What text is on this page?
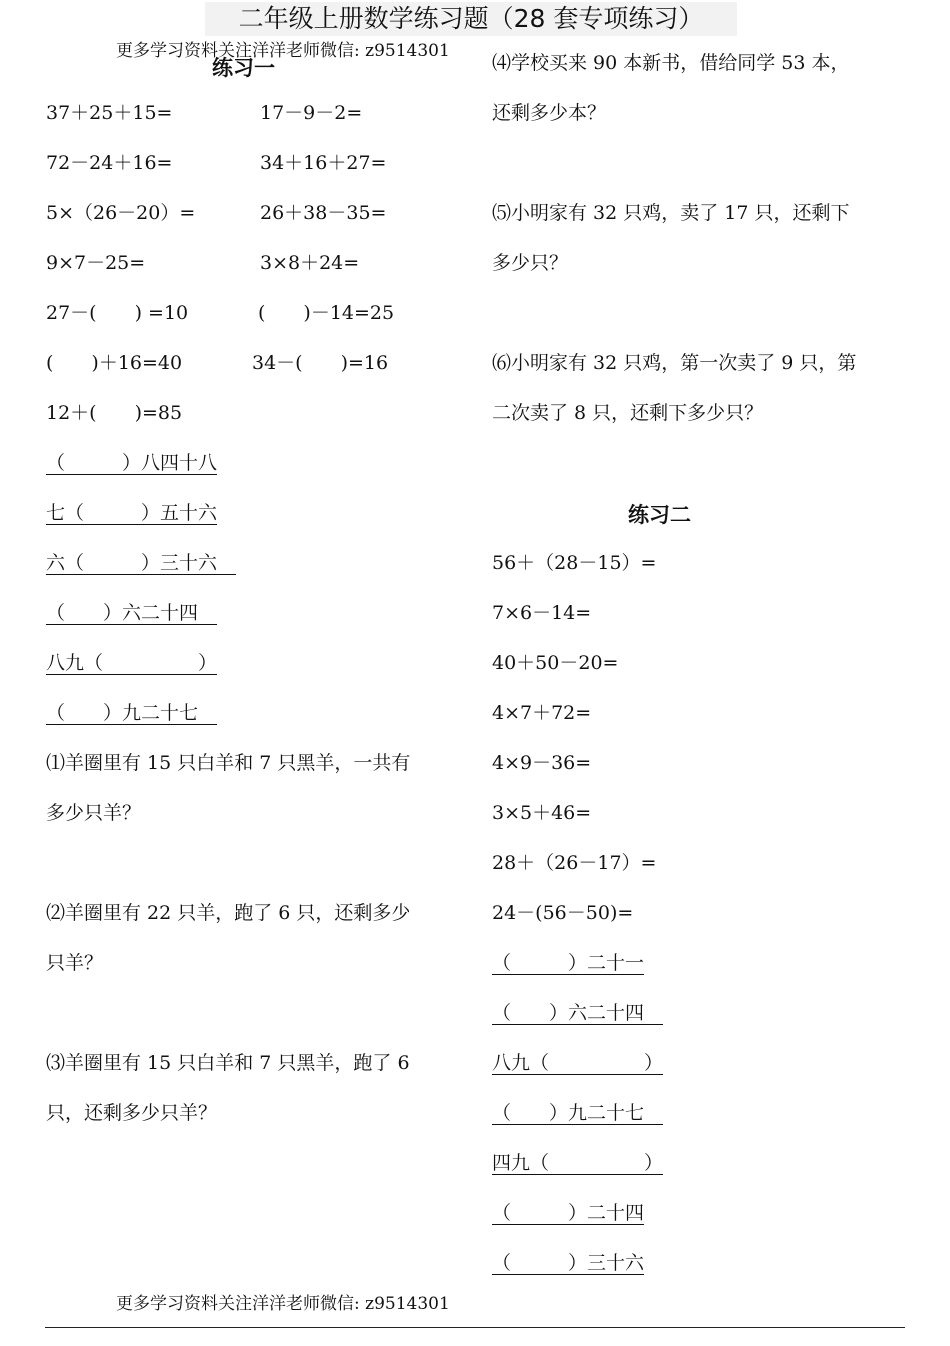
二年级上册数学练习题（28 套专项练习）
更多学习资料关注洋洋老师微信: z9514301
练习一
37＋25＋15=	17－9－2=
72－24＋16=	34＋16＋27=
5×（26－20）=	26＋38－35=
9×7－25=	3×8＋24=
27－(　　) =10	(　　)－14=25
(　　)＋16=40	34－(　　)=16
12＋(　　)=85
（　　　）八四十八
七（　　　）五十六
六（　　　）三十六　
（　　）六二十四　
八九（　　　　　）
（　　）九二十七　
⑴羊圈里有 15 只白羊和 7 只黑羊，一共有
多少只羊？
⑵羊圈里有 22 只羊，跑了 6 只，还剩多少
只羊？
⑶羊圈里有 15 只白羊和 7 只黑羊，跑了 6
只，还剩多少只羊？
⑷学校买来 90 本新书，借给同学 53 本，
还剩多少本？
⑸小明家有 32 只鸡，卖了 17 只，还剩下
多少只？
⑹小明家有 32 只鸡，第一次卖了 9 只，第
二次卖了 8 只，还剩下多少只？
练习二
56＋（28－15）=
7×6－14=
40＋50－20=
4×7＋72=
4×9－36=
3×5＋46=
28＋（26－17）=
24－(56－50)=
（　　　）二十一
（　　）六二十四　
八九（　　　　　）
（　　）九二十七　
四九（　　　　　）
（　　　）二十四
（　　　）三十六
更多学习资料关注洋洋老师微信: z9514301
